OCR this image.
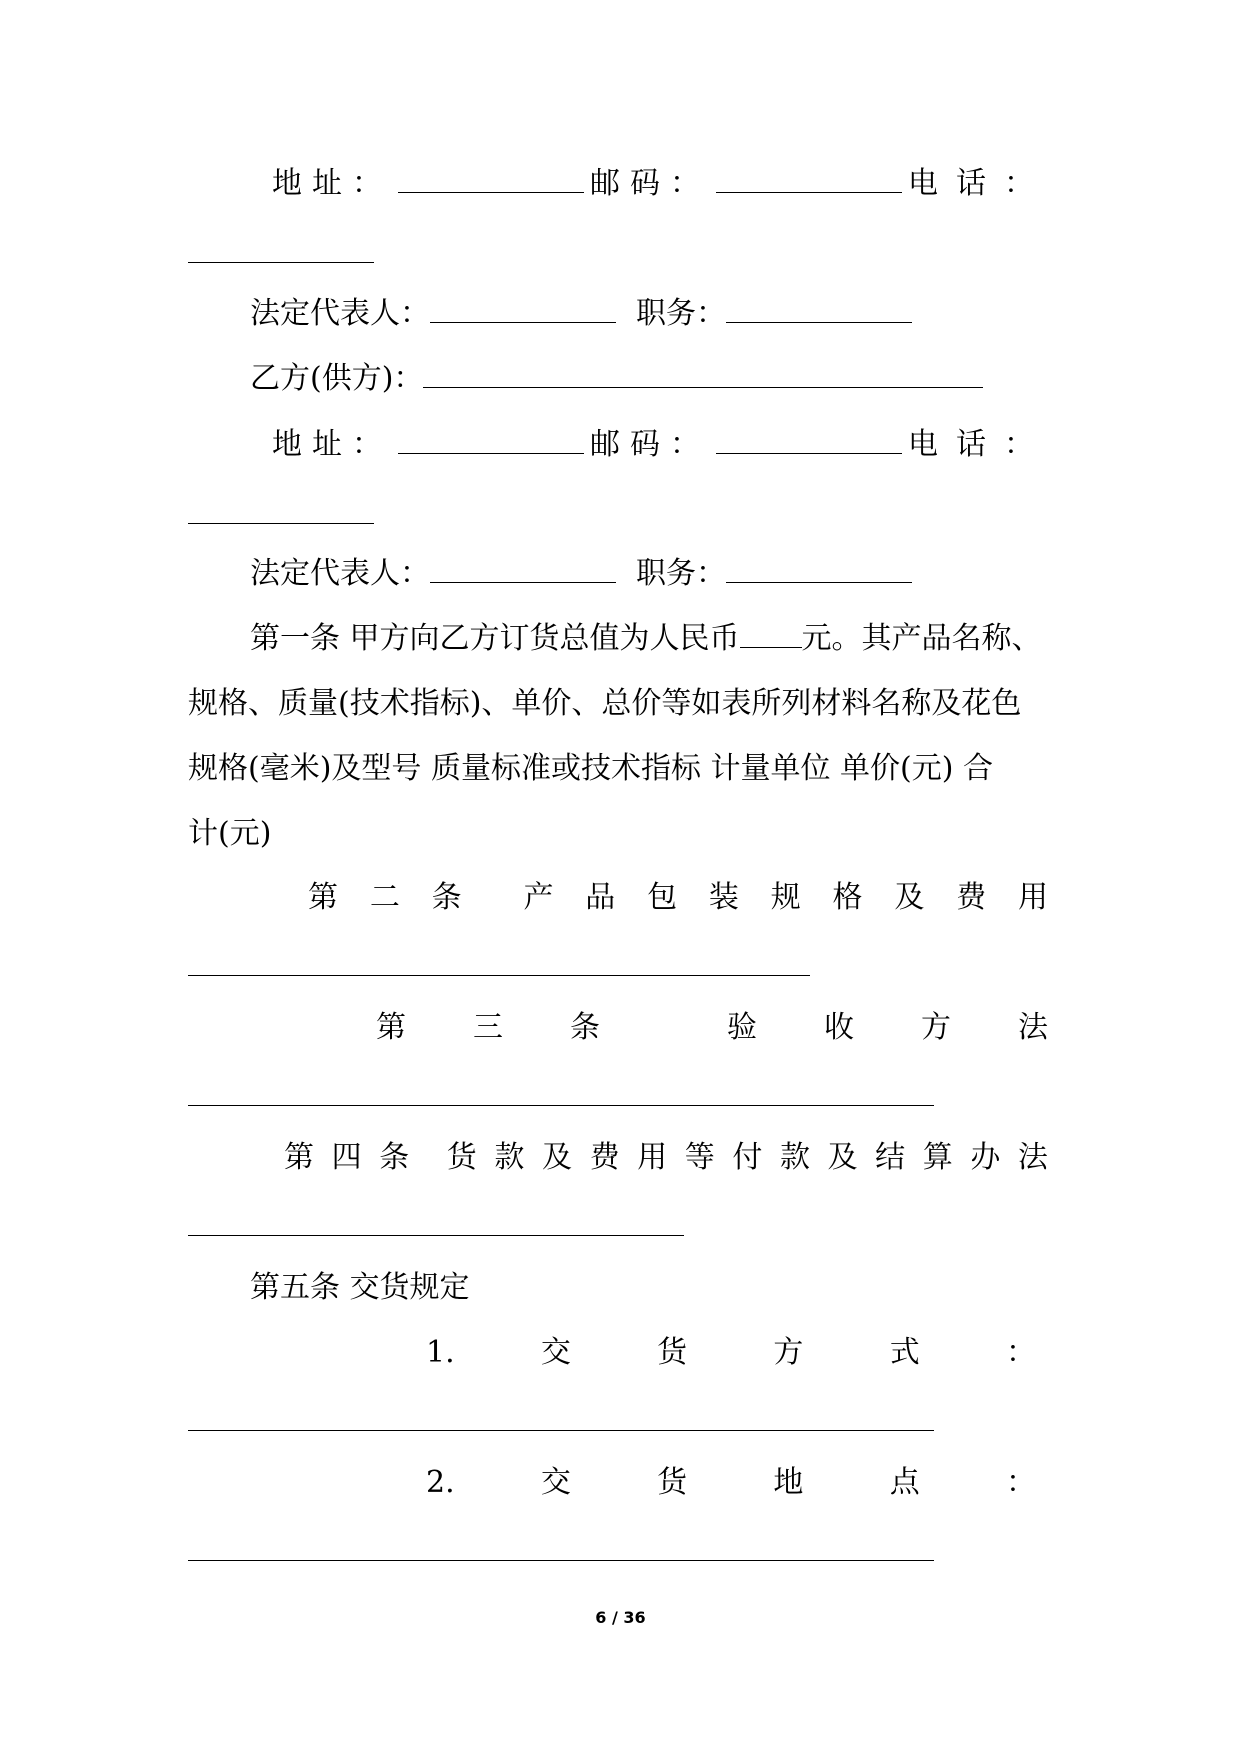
地址：	邮码：	电话：
法定代表人：	职务：
乙方(供方)：
地址：	邮码：	电话：
法定代表人：	职务：
第一条 甲方向乙方订货总值为人民币 元。其产品名称、
规格、质量(技术指标)、单价、总价等如表所列材料名称及花色
规格(毫米)及型号 质量标准或技术指标 计量单位 单价(元) 合
计(元)
第 二 条 产 品 包 装 规 格 及 费 用
第 三 条	验 收 方 法
第 四 条 货 款 及 费 用 等 付 款 及 结 算 办 法
第五条 交货规定
1.	交	货	方	式	：
2.	交	货	地	点	：
6 / 36
